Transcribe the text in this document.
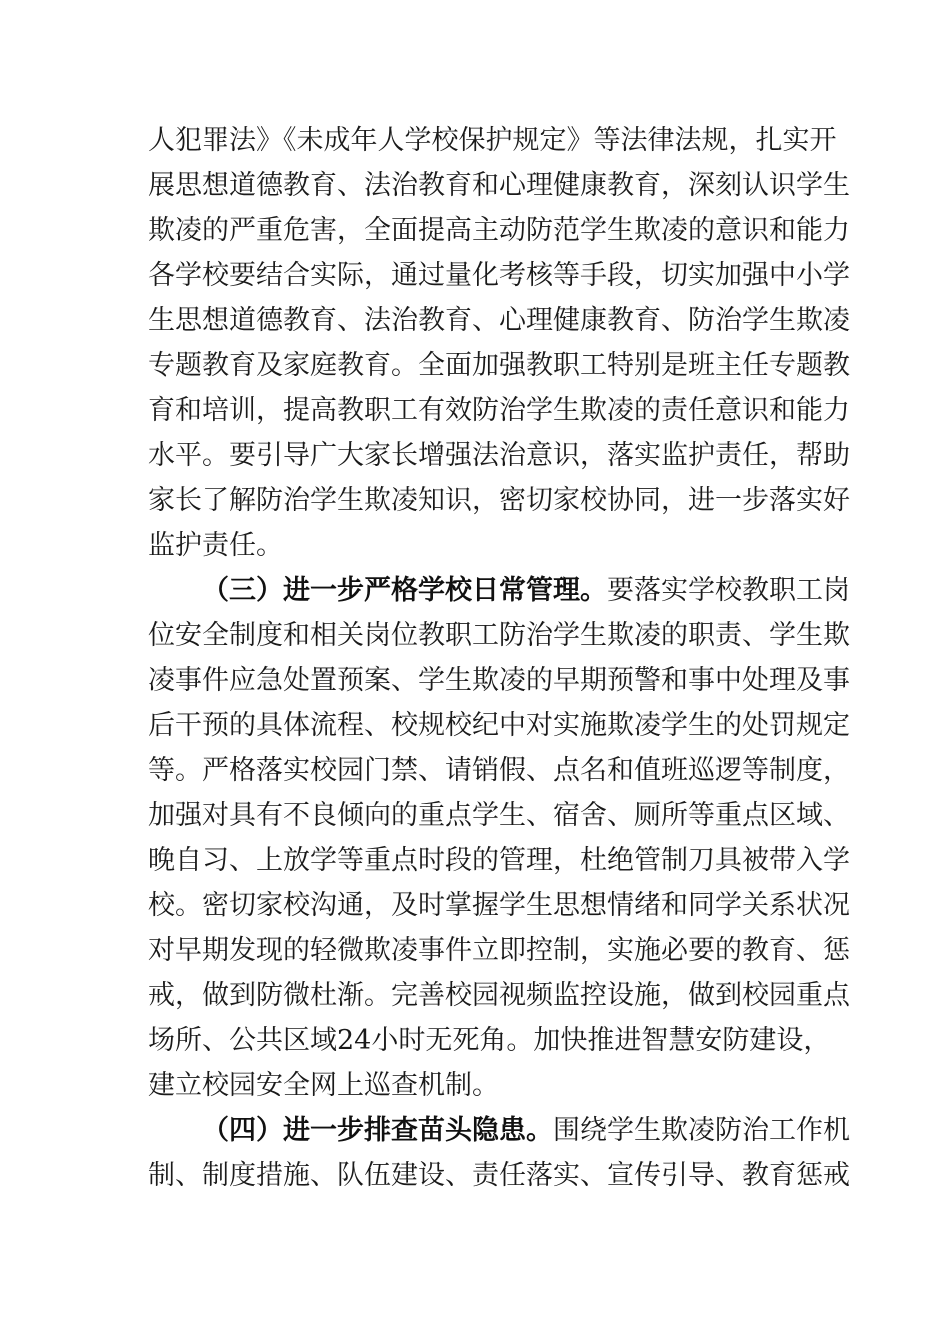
人犯罪法》《未成年人学校保护规定》等法律法规，扎实开
展思想道德教育、法治教育和心理健康教育，深刻认识学生
欺凌的严重危害，全面提高主动防范学生欺凌的意识和能力
各学校要结合实际，通过量化考核等手段，切实加强中小学
生思想道德教育、法治教育、心理健康教育、防治学生欺凌
专题教育及家庭教育。全面加强教职工特别是班主任专题教
育和培训，提高教职工有效防治学生欺凌的责任意识和能力
水平。要引导广大家长增强法治意识，落实监护责任，帮助
家长了解防治学生欺凌知识，密切家校协同，进一步落实好
监护责任。
（三）进一步严格学校日常管理。要落实学校教职工岗
位安全制度和相关岗位教职工防治学生欺凌的职责、学生欺
凌事件应急处置预案、学生欺凌的早期预警和事中处理及事
后干预的具体流程、校规校纪中对实施欺凌学生的处罚规定
等。严格落实校园门禁、请销假、点名和值班巡逻等制度，
加强对具有不良倾向的重点学生、宿舍、厕所等重点区域、
晚自习、上放学等重点时段的管理，杜绝管制刀具被带入学
校。密切家校沟通，及时掌握学生思想情绪和同学关系状况
对早期发现的轻微欺凌事件立即控制，实施必要的教育、惩
戒，做到防微杜渐。完善校园视频监控设施，做到校园重点
场所、公共区域24小时无死角。加快推进智慧安防建设，
建立校园安全网上巡查机制。
（四）进一步排查苗头隐患。围绕学生欺凌防治工作机
制、制度措施、队伍建设、责任落实、宣传引导、教育惩戒
